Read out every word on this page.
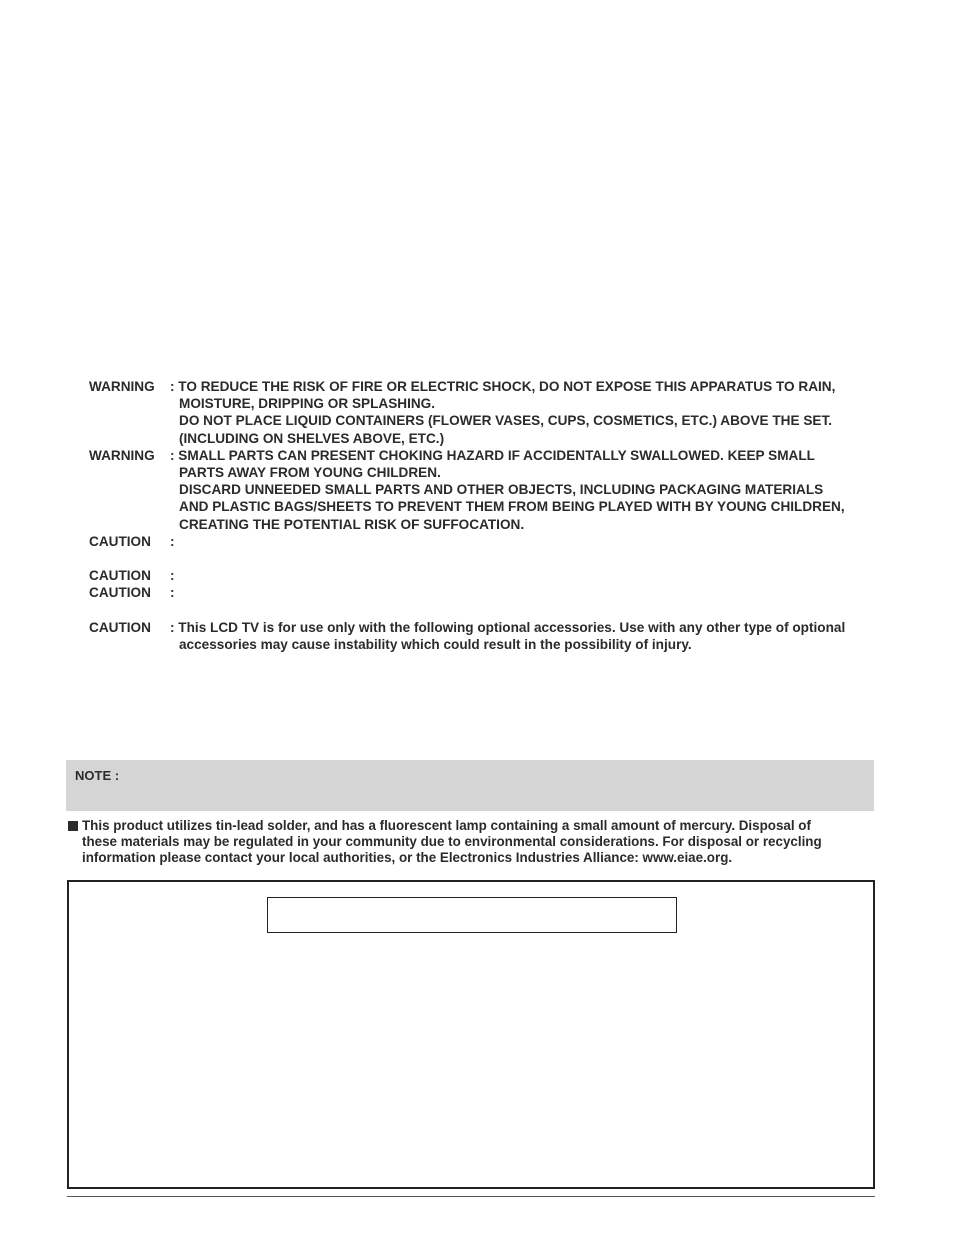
WARNING	: TO REDUCE THE RISK OF FIRE OR ELECTRIC SHOCK, DO NOT EXPOSE THIS APPARATUS TO RAIN,
MOISTURE, DRIPPING OR SPLASHING.
DO NOT PLACE LIQUID CONTAINERS (FLOWER VASES, CUPS, COSMETICS, ETC.) ABOVE THE SET.
(INCLUDING ON SHELVES ABOVE, ETC.)
WARNING	: SMALL PARTS CAN PRESENT CHOKING HAZARD IF ACCIDENTALLY SWALLOWED. KEEP SMALL
PARTS AWAY FROM YOUNG CHILDREN.
DISCARD UNNEEDED SMALL PARTS AND OTHER OBJECTS, INCLUDING PACKAGING MATERIALS
AND PLASTIC BAGS/SHEETS TO PREVENT THEM FROM BEING PLAYED WITH BY YOUNG CHILDREN,
CREATING THE POTENTIAL RISK OF SUFFOCATION.
CAUTION	:
CAUTION	:
CAUTION	:
CAUTION	: This LCD TV is for use only with the following optional accessories. Use with any other type of optional
accessories may cause instability which could result in the possibility of injury.
NOTE :
This product utilizes tin-lead solder, and has a fluorescent lamp containing a small amount of mercury. Disposal of
these materials may be regulated in your community due to environmental considerations. For disposal or recycling
information please contact your local authorities, or the Electronics Industries Alliance: www.eiae.org.
